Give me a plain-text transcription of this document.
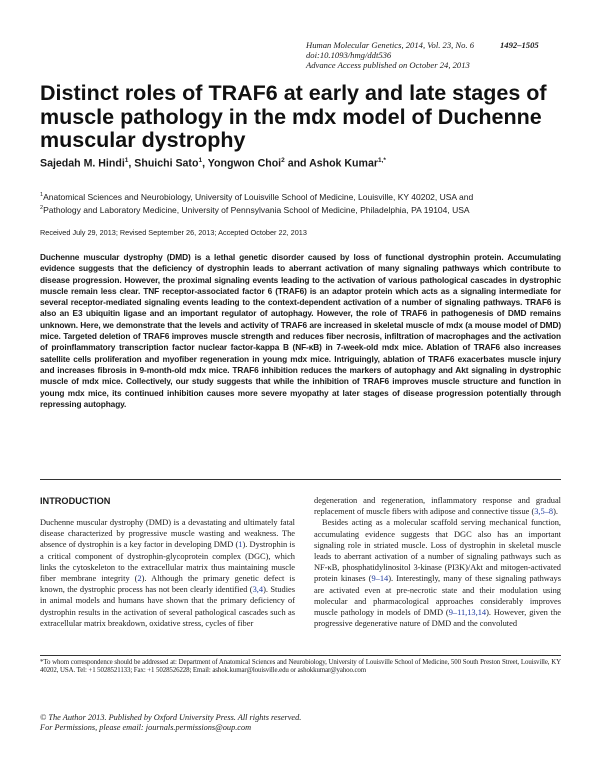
Human Molecular Genetics, 2014, Vol. 23, No. 6	1492–1505
doi:10.1093/hmg/ddt536
Advance Access published on October 24, 2013
Distinct roles of TRAF6 at early and late stages of muscle pathology in the mdx model of Duchenne muscular dystrophy
Sajedah M. Hindi$^1$, Shuichi Sato$^1$, Yongwon Choi$^2$ and Ashok Kumar$^{1,*}$
$^1$Anatomical Sciences and Neurobiology, University of Louisville School of Medicine, Louisville, KY 40202, USA and
$^2$Pathology and Laboratory Medicine, University of Pennsylvania School of Medicine, Philadelphia, PA 19104, USA
Received July 29, 2013; Revised September 26, 2013; Accepted October 22, 2013

Duchenne muscular dystrophy (DMD) is a lethal genetic disorder caused by loss of functional dystrophin protein. Accumulating evidence suggests that the deficiency of dystrophin leads to aberrant activation of many signaling pathways which contribute to disease progression. However, the proximal signaling events leading to the activation of various pathological cascades in dystrophic muscle remain less clear. TNF receptor-associated factor 6 (TRAF6) is an adaptor protein which acts as a signaling intermediate for several receptor-mediated signaling events leading to the context-dependent activation of a number of signaling pathways. TRAF6 is also an E3 ubiquitin ligase and an important regulator of autophagy. However, the role of TRAF6 in pathogenesis of DMD remains unknown. Here, we demonstrate that the levels and activity of TRAF6 are increased in skeletal muscle of mdx (a mouse model of DMD) mice. Targeted deletion of TRAF6 improves muscle strength and reduces fiber necrosis, infiltration of macrophages and the activation of proinflammatory transcription factor nuclear factor-kappa B (NF-κB) in 7-week-old mdx mice. Ablation of TRAF6 also increases satellite cells proliferation and myofiber regeneration in young mdx mice. Intriguingly, ablation of TRAF6 exacerbates muscle injury and increases fibrosis in 9-month-old mdx mice. TRAF6 inhibition reduces the markers of autophagy and Akt signaling in dystrophic muscle of mdx mice. Collectively, our study suggests that while the inhibition of TRAF6 improves muscle structure and function in young mdx mice, its continued inhibition causes more severe myopathy at later stages of disease progression potentially through repressing autophagy.

INTRODUCTION

Duchenne muscular dystrophy (DMD) is a devastating and ultimately fatal disease characterized by progressive muscle wasting and weakness. The absence of dystrophin is a key factor in developing DMD (1). Dystrophin is a critical component of dystrophin-glycoprotein complex (DGC), which links the cytoskeleton to the extracellular matrix thus maintaining muscle fiber membrane integrity (2). Although the primary genetic defect is known, the dystrophic process has not been clearly identified (3,4). Studies in animal models and humans have shown that the primary deficiency of dystrophin results in the activation of several pathological cascades such as extracellular matrix breakdown, oxidative stress, cycles of fiber

degeneration and regeneration, inflammatory response and gradual replacement of muscle fibers with adipose and connective tissue (3,5–8).
Besides acting as a molecular scaffold serving mechanical function, accumulating evidence suggests that DGC also has an important signaling role in striated muscle. Loss of dystrophin in skeletal muscle leads to aberrant activation of a number of signaling pathways such as NF-κB, phosphatidylinositol 3-kinase (PI3K)/Akt and mitogen-activated protein kinases (9–14). Interestingly, many of these signaling pathways are activated even at pre-necrotic state and their modulation using molecular and pharmacological approaches considerably improves muscle pathology in models of DMD (9–11,13,14). However, given the progressive degenerative nature of DMD and the convoluted

*To whom correspondence should be addressed at: Department of Anatomical Sciences and Neurobiology, University of Louisville School of Medicine, 500 South Preston Street, Louisville, KY 40202, USA. Tel: +1 5028521133; Fax: +1 5028526228; Email: ashok.kumar@louisville.edu or ashokkumar@yahoo.com

© The Author 2013. Published by Oxford University Press. All rights reserved.
For Permissions, please email: journals.permissions@oup.com
